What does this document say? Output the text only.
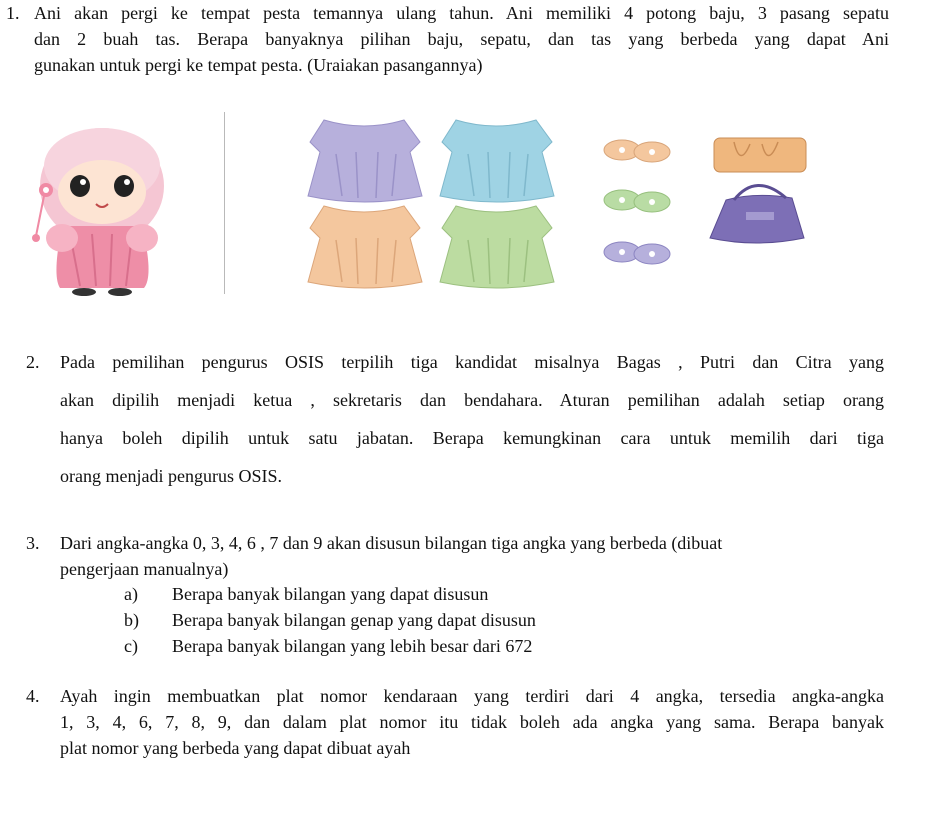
1. Ani akan pergi ke tempat pesta temannya ulang tahun. Ani memiliki 4 potong baju, 3 pasang sepatu
dan 2 buah tas. Berapa banyaknya pilihan baju, sepatu, dan tas yang berbeda yang dapat Ani
gunakan untuk pergi ke tempat pesta. (Uraiakan pasangannya)
2. Pada pemilihan pengurus OSIS terpilih tiga kandidat misalnya Bagas , Putri dan Citra yang
akan dipilih menjadi ketua , sekretaris dan bendahara. Aturan pemilihan adalah setiap orang
hanya boleh dipilih untuk satu jabatan. Berapa kemungkinan cara untuk memilih dari tiga
orang menjadi pengurus OSIS.
3. Dari angka-angka 0, 3, 4, 6 , 7 dan 9 akan disusun bilangan tiga angka yang berbeda (dibuat
pengerjaan manualnya)
a) Berapa banyak bilangan yang dapat disusun
b) Berapa banyak bilangan genap yang dapat disusun
c) Berapa banyak bilangan yang lebih besar dari 672
4. Ayah ingin membuatkan plat nomor kendaraan yang terdiri dari 4 angka, tersedia angka-angka
1, 3, 4, 6, 7, 8, 9, dan dalam plat nomor itu tidak boleh ada angka yang sama. Berapa banyak
plat nomor yang berbeda yang dapat dibuat ayah
